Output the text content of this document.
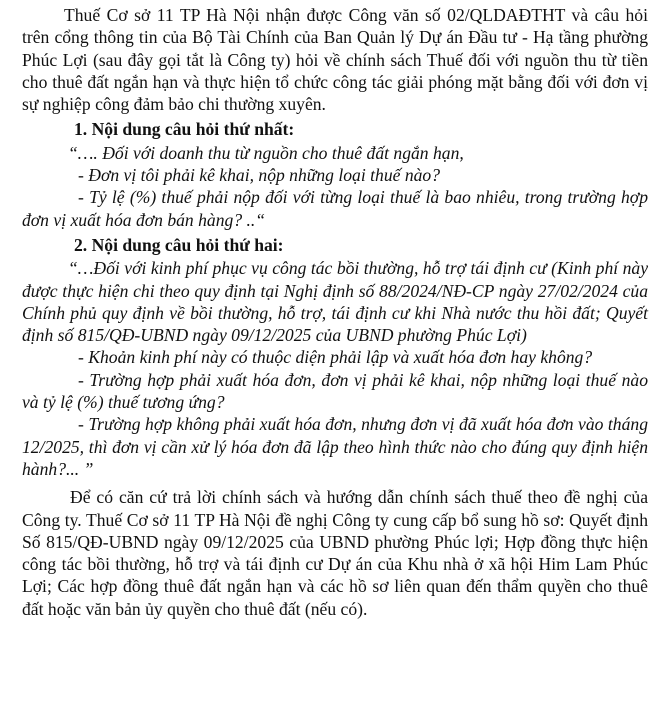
Thuế Cơ sở 11 TP Hà Nội nhận được Công văn số 02/QLDAĐTHT và câu hỏi trên cổng thông tin của Bộ Tài Chính của Ban Quản lý Dự án Đầu tư - Hạ tầng phường Phúc Lợi (sau đây gọi tắt là Công ty) hỏi về chính sách Thuế đối với nguồn thu từ tiền cho thuê đất ngắn hạn và thực hiện tổ chức công tác giải phóng mặt bằng đối với đơn vị sự nghiệp công đảm bảo chi thường xuyên.

1. Nội dung câu hỏi thứ nhất:

“…. Đối với doanh thu từ nguồn cho thuê đất ngắn hạn,

- Đơn vị tôi phải kê khai, nộp những loại thuế nào?

- Tỷ lệ (%) thuế phải nộp đối với từng loại thuế là bao nhiêu, trong trường hợp đơn vị xuất hóa đơn bán hàng? ..“

2. Nội dung câu hỏi thứ hai:

“…Đối với kinh phí phục vụ công tác bồi thường, hỗ trợ tái định cư (Kinh phí này được thực hiện chi theo quy định tại Nghị định số 88/2024/NĐ-CP ngày 27/02/2024 của Chính phủ quy định về bồi thường, hỗ trợ, tái định cư khi Nhà nước thu hồi đất; Quyết định số 815/QĐ-UBND ngày 09/12/2025 của UBND phường Phúc Lợi)

- Khoản kinh phí này có thuộc diện phải lập và xuất hóa đơn hay không?

- Trường hợp phải xuất hóa đơn, đơn vị phải kê khai, nộp những loại thuế nào và tỷ lệ (%) thuế tương ứng?

- Trường hợp không phải xuất hóa đơn, nhưng đơn vị đã xuất hóa đơn vào tháng 12/2025, thì đơn vị cần xử lý hóa đơn đã lập theo hình thức nào cho đúng quy định hiện hành?... ”

Để có căn cứ trả lời chính sách và hướng dẫn chính sách thuế theo đề nghị của Công ty. Thuế Cơ sở 11 TP Hà Nội đề nghị Công ty cung cấp bổ sung hồ sơ: Quyết định Số 815/QĐ-UBND ngày 09/12/2025 của UBND phường Phúc lợi; Hợp đồng thực hiện công tác bồi thường, hỗ trợ và tái định cư Dự án của Khu nhà ở xã hội Him Lam Phúc Lợi; Các hợp đồng thuê đất ngắn hạn và các hồ sơ liên quan đến thẩm quyền cho thuê đất hoặc văn bản ủy quyền cho thuê đất (nếu có).
